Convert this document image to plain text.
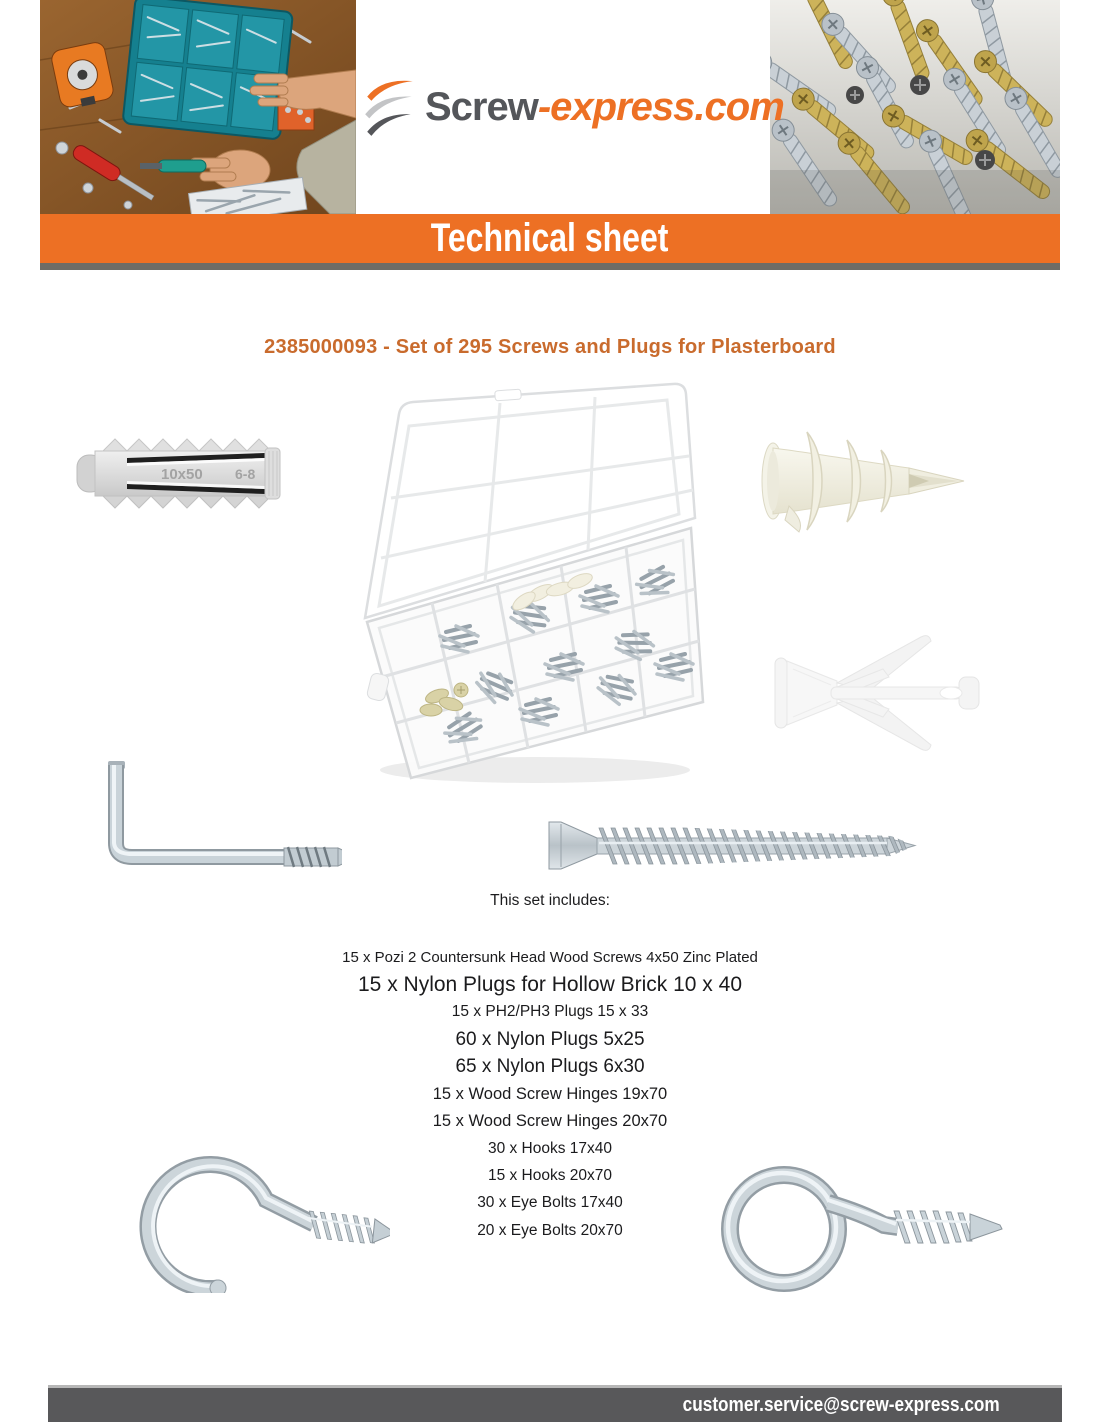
Screw-express.com
Technical sheet
2385000093 - Set of 295 Screws and Plugs for Plasterboard
10x50 6-8
This set includes:
15 x Pozi 2 Countersunk Head Wood Screws 4x50 Zinc Plated
15 x Nylon Plugs for Hollow Brick 10 x 40
15 x PH2/PH3 Plugs 15 x 33
60 x Nylon Plugs 5x25
65 x Nylon Plugs 6x30
15 x Wood Screw Hinges 19x70
15 x Wood Screw Hinges 20x70
30 x Hooks 17x40
15 x Hooks 20x70
30 x Eye Bolts 17x40
20 x Eye Bolts 20x70
customer.service@screw-express.com
